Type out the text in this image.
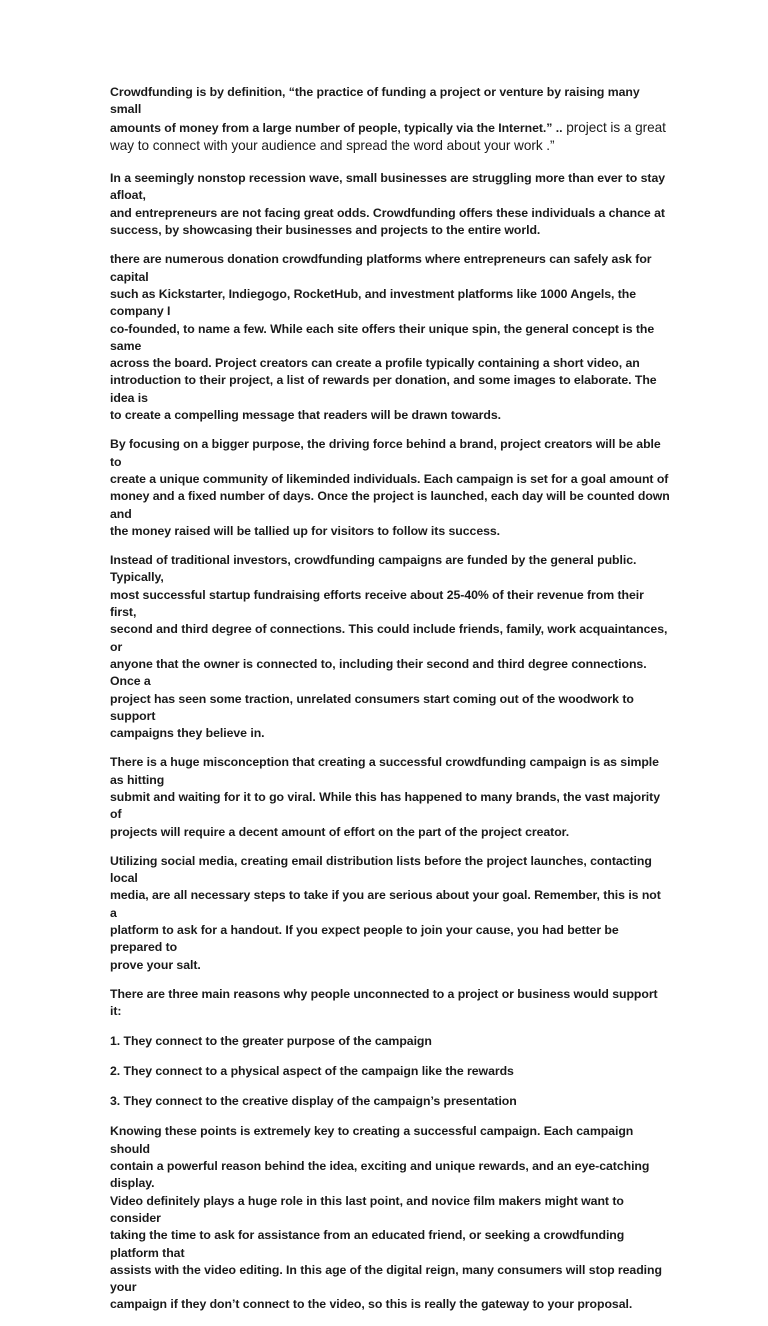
Crowdfunding is by definition, “the practice of funding a project or venture by raising many small
amounts of money from a large number of people, typically via the Internet.” .. project is a great
way to connect with your audience and spread the word about your work .”

In a seemingly nonstop recession wave, small businesses are struggling more than ever to stay afloat,
and entrepreneurs are not facing great odds. Crowdfunding offers these individuals a chance at
success, by showcasing their businesses and projects to the entire world.

there are numerous donation crowdfunding platforms where entrepreneurs can safely ask for capital
such as Kickstarter, Indiegogo, RocketHub, and investment platforms like 1000 Angels, the company I
co-founded, to name a few. While each site offers their unique spin, the general concept is the same
across the board. Project creators can create a profile typically containing a short video, an
introduction to their project, a list of rewards per donation, and some images to elaborate. The idea is
to create a compelling message that readers will be drawn towards.

By focusing on a bigger purpose, the driving force behind a brand, project creators will be able to
create a unique community of likeminded individuals. Each campaign is set for a goal amount of
money and a fixed number of days. Once the project is launched, each day will be counted down and
the money raised will be tallied up for visitors to follow its success.

Instead of traditional investors, crowdfunding campaigns are funded by the general public. Typically,
most successful startup fundraising efforts receive about 25-40% of their revenue from their first,
second and third degree of connections. This could include friends, family, work acquaintances, or
anyone that the owner is connected to, including their second and third degree connections. Once a
project has seen some traction, unrelated consumers start coming out of the woodwork to support
campaigns they believe in.

There is a huge misconception that creating a successful crowdfunding campaign is as simple as hitting
submit and waiting for it to go viral. While this has happened to many brands, the vast majority of
projects will require a decent amount of effort on the part of the project creator.

Utilizing social media, creating email distribution lists before the project launches, contacting local
media, are all necessary steps to take if you are serious about your goal. Remember, this is not a
platform to ask for a handout. If you expect people to join your cause, you had better be prepared to
prove your salt.

There are three main reasons why people unconnected to a project or business would support it:

1. They connect to the greater purpose of the campaign

2. They connect to a physical aspect of the campaign like the rewards

3. They connect to the creative display of the campaign’s presentation

Knowing these points is extremely key to creating a successful campaign. Each campaign should
contain a powerful reason behind the idea, exciting and unique rewards, and an eye-catching display.
Video definitely plays a huge role in this last point, and novice film makers might want to consider
taking the time to ask for assistance from an educated friend, or seeking a crowdfunding platform that
assists with the video editing. In this age of the digital reign, many consumers will stop reading your
campaign if they don’t connect to the video, so this is really the gateway to your proposal.
